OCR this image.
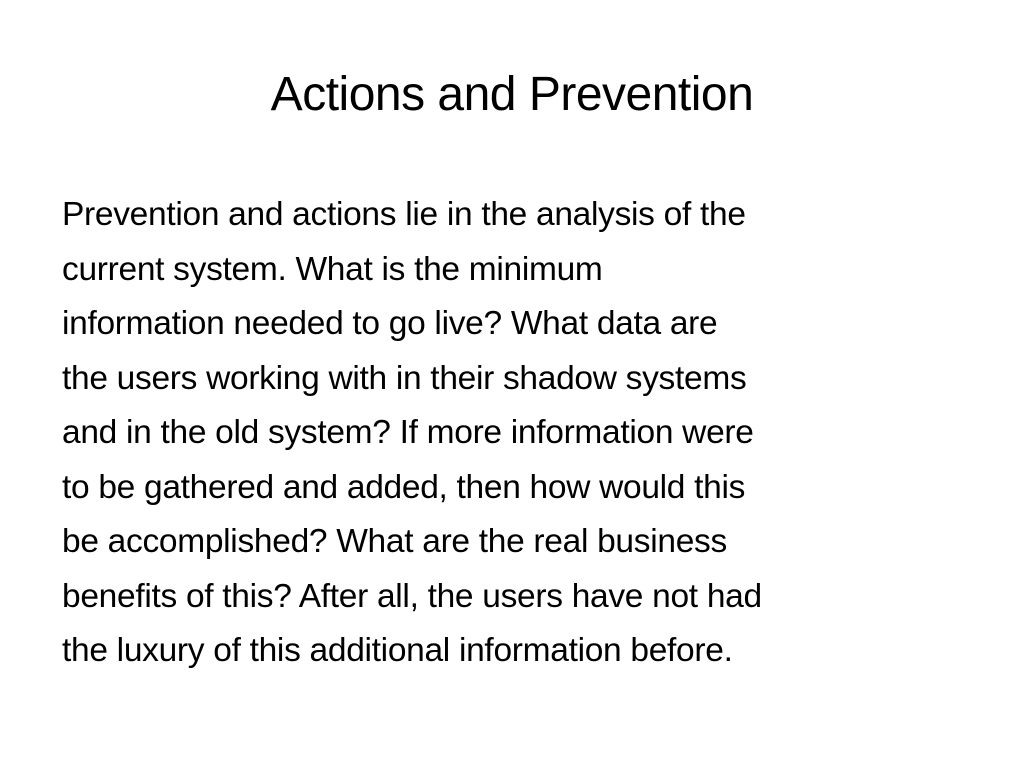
Actions and Prevention
Prevention and actions lie in the analysis of the
current system. What is the minimum
information needed to go live? What data are
the users working with in their shadow systems
and in the old system? If more information were
to be gathered and added, then how would this
be accomplished? What are the real business
benefits of this? After all, the users have not had
the luxury of this additional information before.
